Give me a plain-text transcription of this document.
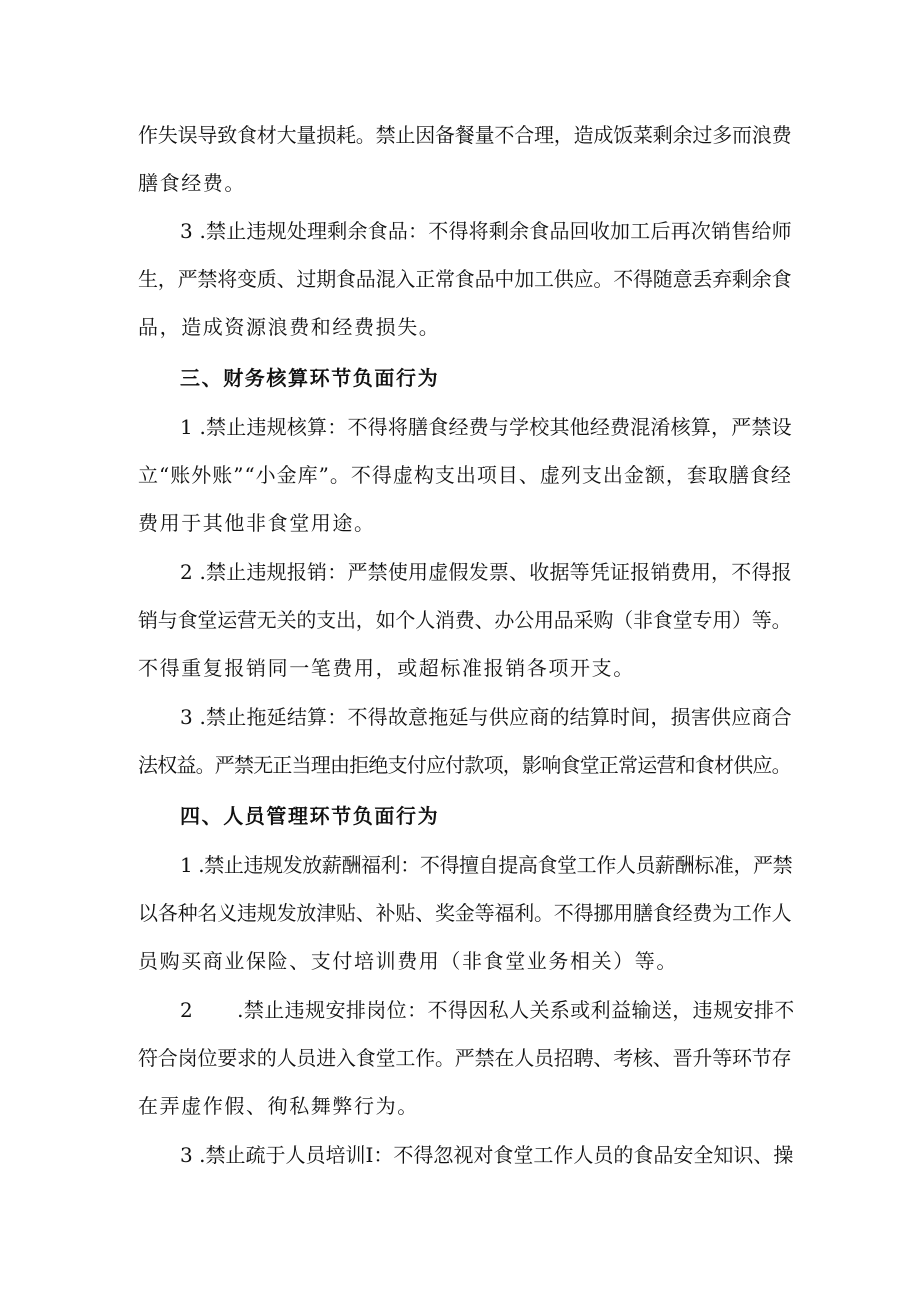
作失误导致食材大量损耗。禁止因备餐量不合理，造成饭菜剩余过多而浪费
膳食经费。
3 .禁止违规处理剩余食品：不得将剩余食品回收加工后再次销售给师
生，严禁将变质、过期食品混入正常食品中加工供应。不得随意丢弃剩余食
品，造成资源浪费和经费损失。
三、财务核算环节负面行为
1 .禁止违规核算：不得将膳食经费与学校其他经费混淆核算，严禁设
立“账外账”“小金库”。不得虚构支出项目、虚列支出金额，套取膳食经
费用于其他非食堂用途。
2 .禁止违规报销：严禁使用虚假发票、收据等凭证报销费用，不得报
销与食堂运营无关的支出，如个人消费、办公用品采购（非食堂专用）等。
不得重复报销同一笔费用，或超标准报销各项开支。
3 .禁止拖延结算：不得故意拖延与供应商的结算时间，损害供应商合
法权益。严禁无正当理由拒绝支付应付款项，影响食堂正常运营和食材供应。
四、人员管理环节负面行为
1 .禁止违规发放薪酬福利：不得擅自提高食堂工作人员薪酬标准，严禁
以各种名义违规发放津贴、补贴、奖金等福利。不得挪用膳食经费为工作人
员购买商业保险、支付培训费用（非食堂业务相关）等。
2 .禁止违规安排岗位：不得因私人关系或利益输送，违规安排不
符合岗位要求的人员进入食堂工作。严禁在人员招聘、考核、晋升等环节存
在弄虚作假、徇私舞弊行为。
3 .禁止疏于人员培训I：不得忽视对食堂工作人员的食品安全知识、操
